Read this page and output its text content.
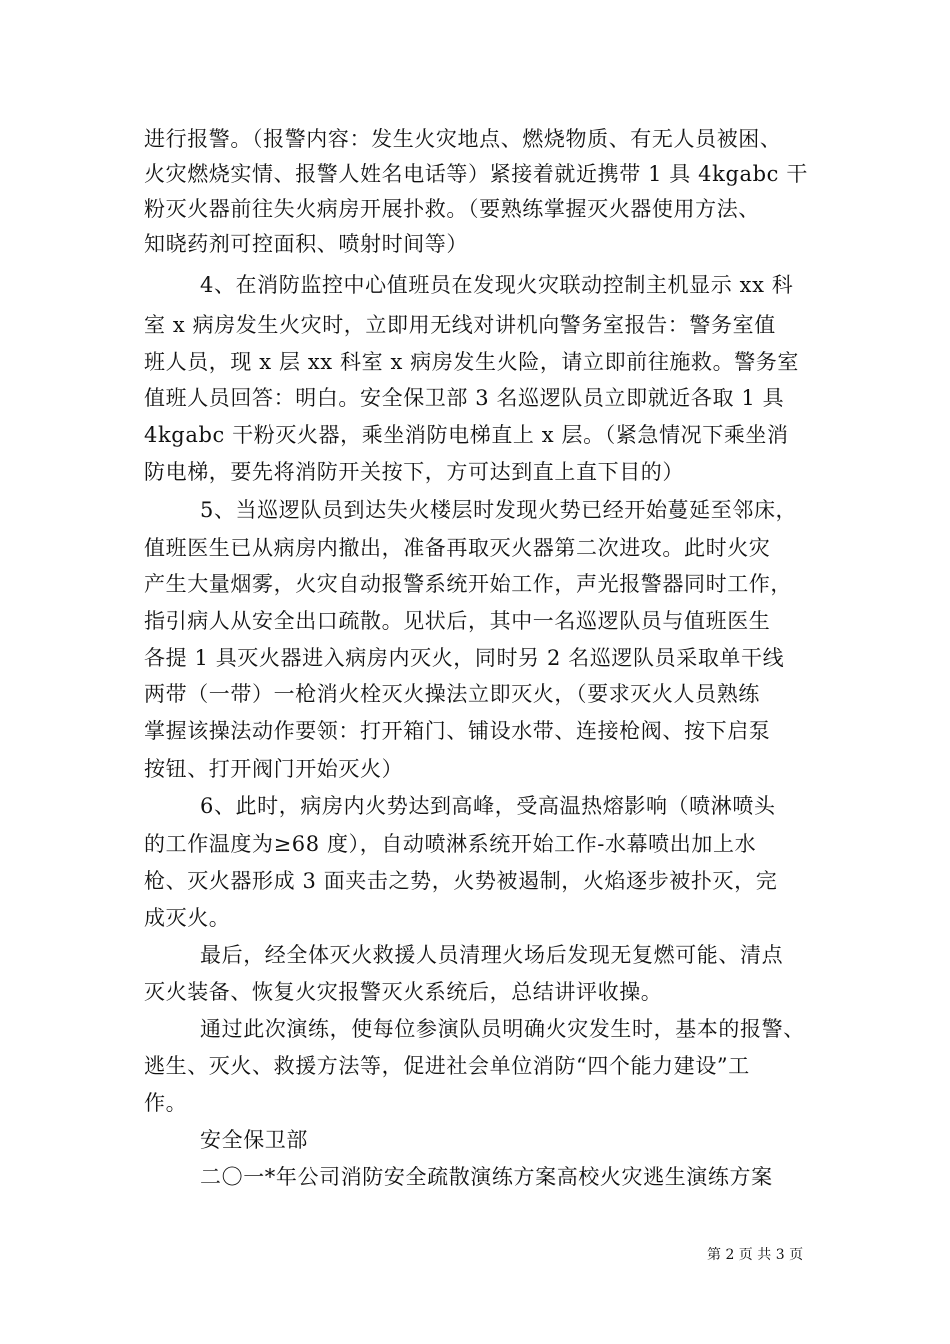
进行报警。（报警内容：发生火灾地点、燃烧物质、有无人员被困、
火灾燃烧实情、报警人姓名电话等）紧接着就近携带 1 具 4kgabc 干
粉灭火器前往失火病房开展扑救。（要熟练掌握灭火器使用方法、
知晓药剂可控面积、喷射时间等）
4、在消防监控中心值班员在发现火灾联动控制主机显示 xx 科
室 x 病房发生火灾时，立即用无线对讲机向警务室报告：警务室值
班人员，现 x 层 xx 科室 x 病房发生火险，请立即前往施救。警务室
值班人员回答：明白。安全保卫部 3 名巡逻队员立即就近各取 1 具
4kgabc 干粉灭火器，乘坐消防电梯直上 x 层。（紧急情况下乘坐消
防电梯，要先将消防开关按下，方可达到直上直下目的）
5、当巡逻队员到达失火楼层时发现火势已经开始蔓延至邻床，
值班医生已从病房内撤出，准备再取灭火器第二次进攻。此时火灾
产生大量烟雾，火灾自动报警系统开始工作，声光报警器同时工作，
指引病人从安全出口疏散。见状后，其中一名巡逻队员与值班医生
各提 1 具灭火器进入病房内灭火，同时另 2 名巡逻队员采取单干线
两带（一带）一枪消火栓灭火操法立即灭火，（要求灭火人员熟练
掌握该操法动作要领：打开箱门、铺设水带、连接枪阀、按下启泵
按钮、打开阀门开始灭火）
6、此时，病房内火势达到高峰，受高温热熔影响（喷淋喷头
的工作温度为≥68 度），自动喷淋系统开始工作-水幕喷出加上水
枪、灭火器形成 3 面夹击之势，火势被遏制，火焰逐步被扑灭，完
成灭火。
最后，经全体灭火救援人员清理火场后发现无复燃可能、清点
灭火装备、恢复火灾报警灭火系统后，总结讲评收操。
通过此次演练，使每位参演队员明确火灾发生时，基本的报警、
逃生、灭火、救援方法等，促进社会单位消防“四个能力建设”工
作。
安全保卫部
二〇一*年公司消防安全疏散演练方案高校火灾逃生演练方案
第 2 页 共 3 页
